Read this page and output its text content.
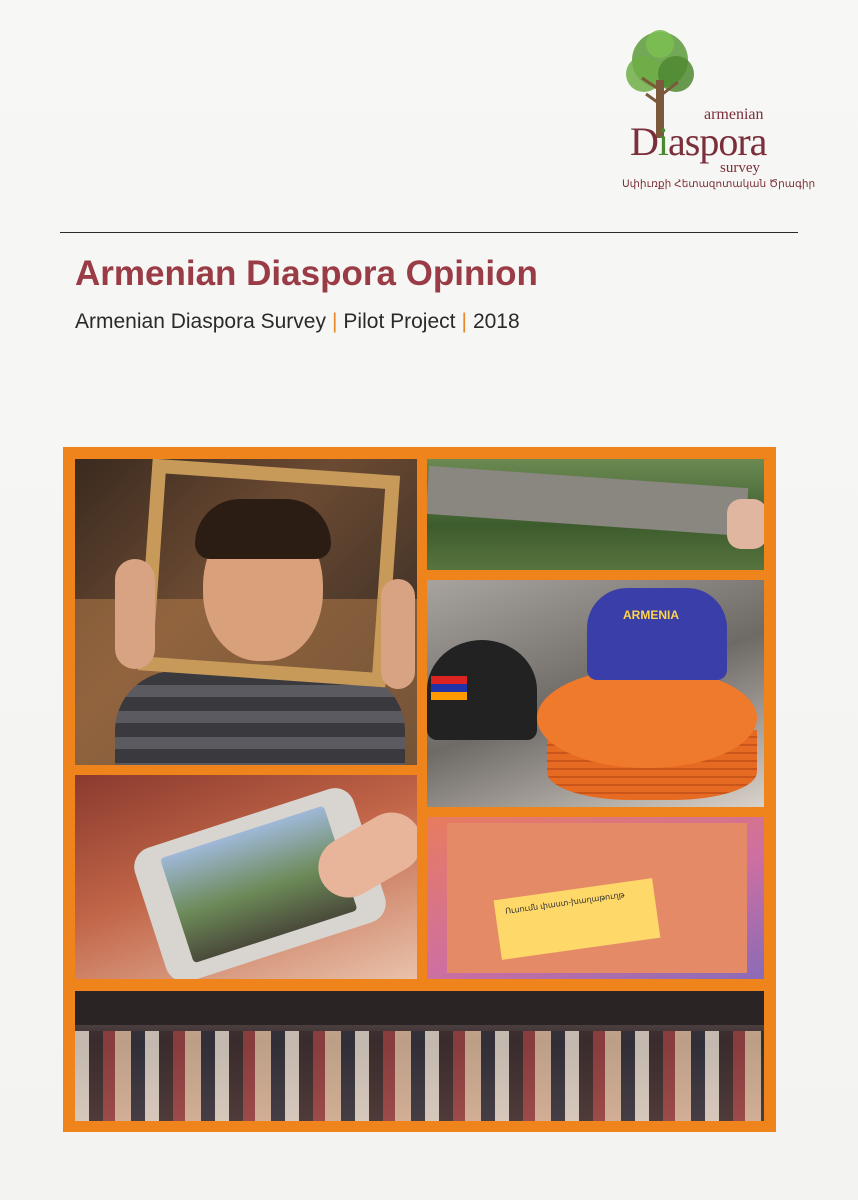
armenian
Diaspora
survey
Սփիւռքի Հետազոտական Ծրագիր
Armenian Diaspora Opinion
Armenian Diaspora Survey | Pilot Project | 2018
ARMENIA
Ուսումն փաստ-խաղաթուղթ
